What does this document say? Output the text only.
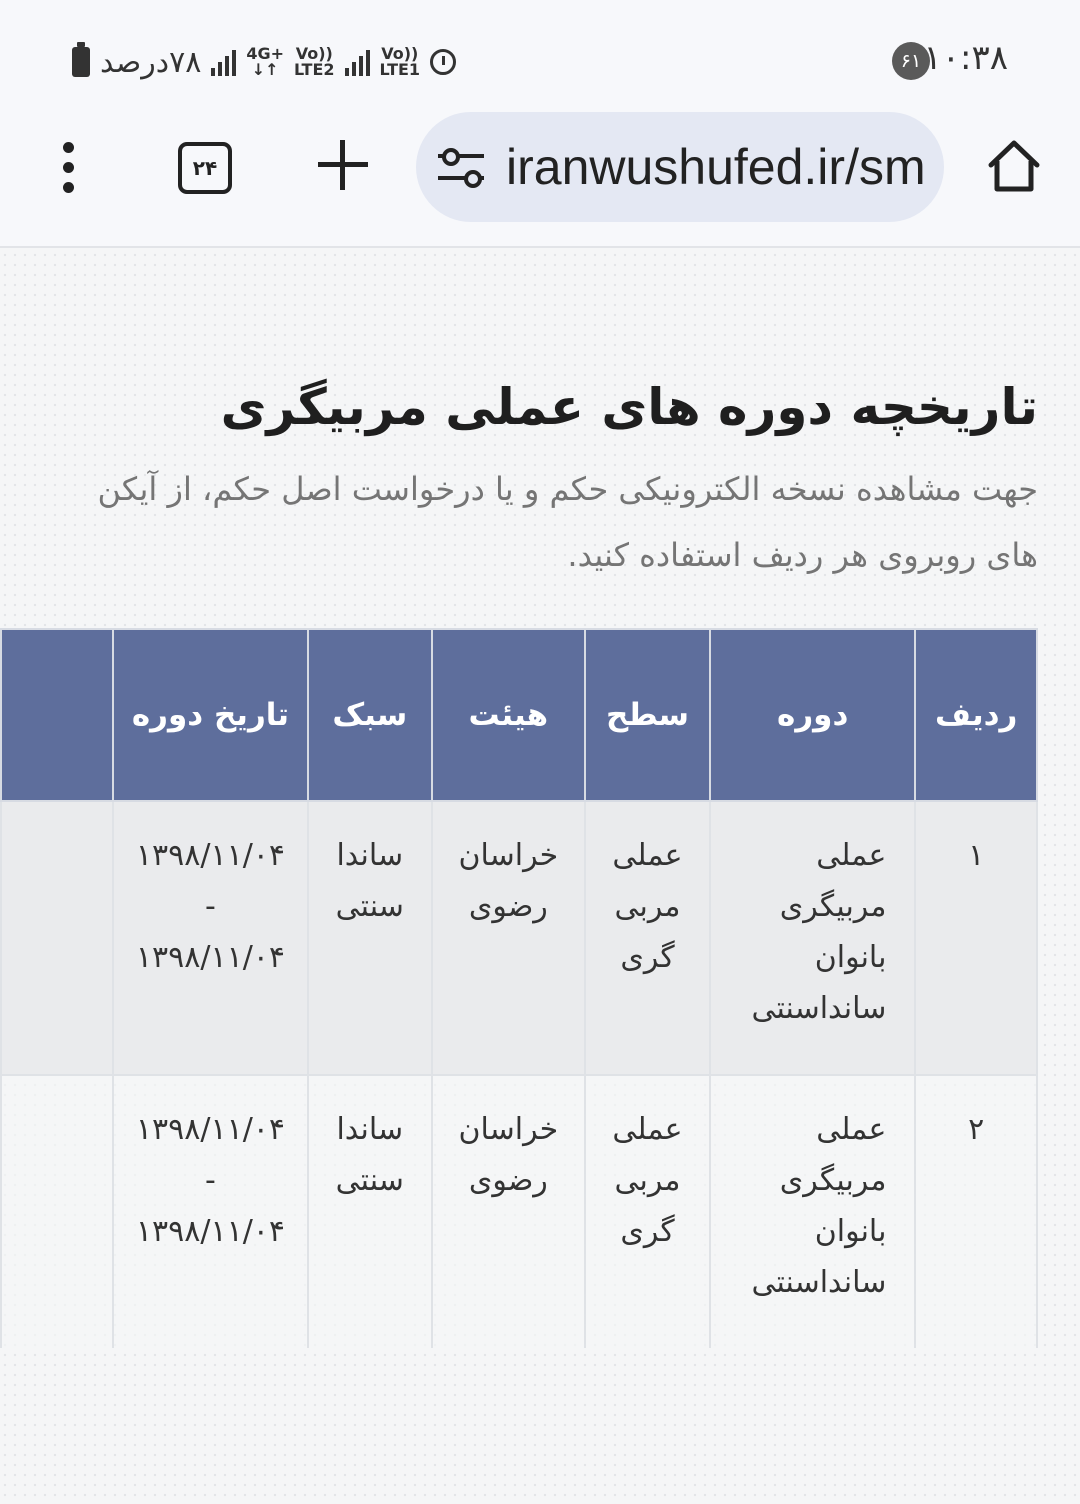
۷۸درصد	4G+
↓↑
Vo))
LTE2
Vo))
LTE1	۶۱ ۱۰:۳۸
۲۴	iranwushufed.ir/sm
تاریخچه دوره های عملی مربیگری

جهت مشاهده نسخه الکترونیکی حکم و یا درخواست اصل حکم، از آیکن های روبروی هر ردیف استفاده کنید.

ردیف	دوره	سطح	هیئت	سبک	تاریخ دوره	
۱	عملی
مربیگری
بانوان
ساندا‌سنتی	عملی
مربی
گری	خراسان
رضوی	ساندا
سنتی	۱۳۹۸/۱۱/۰۴
-
۱۳۹۸/۱۱/۰۴	

۲	عملی
مربیگری
بانوان
ساندا‌سنتی	عملی
مربی
گری	خراسان
رضوی	ساندا
سنتی	۱۳۹۸/۱۱/۰۴
-
۱۳۹۸/۱۱/۰۴	
